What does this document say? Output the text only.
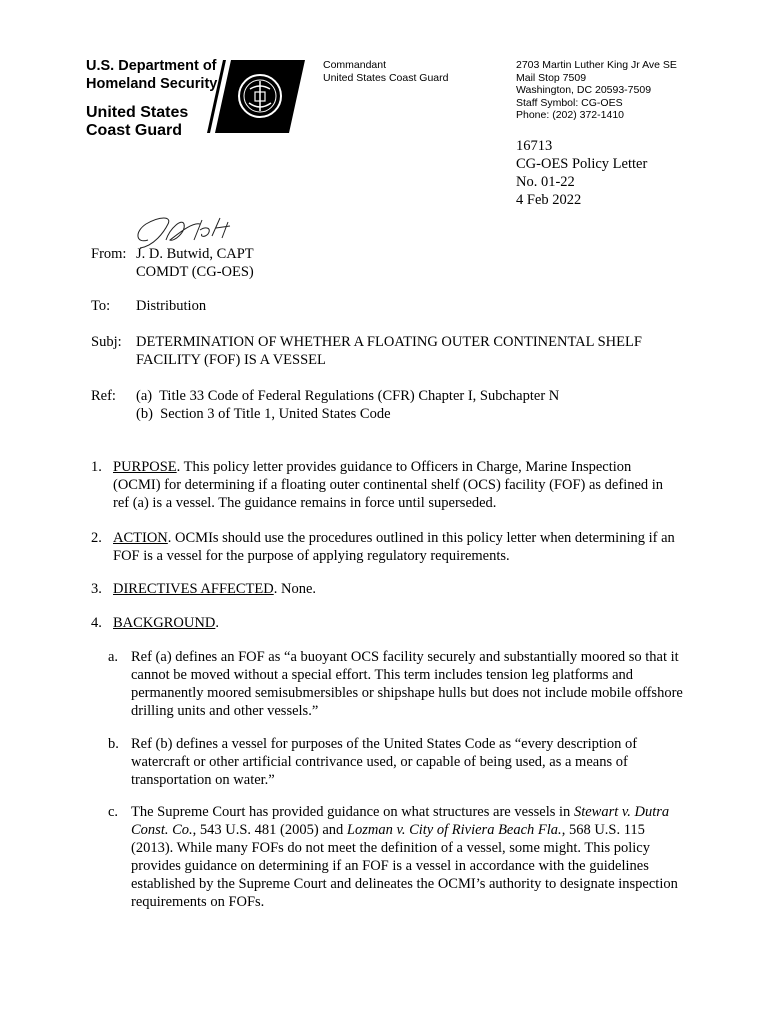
U.S. Department of
Homeland Security
United States
Coast Guard
Commandant
United States Coast Guard
2703 Martin Luther King Jr Ave SE
Mail Stop 7509
Washington, DC 20593-7509
Staff Symbol: CG-OES
Phone: (202) 372-1410
16713
CG-OES Policy Letter
No. 01-22
4 Feb 2022
From: J. D. Butwid, CAPT
COMDT (CG-OES)
To: Distribution
Subj: DETERMINATION OF WHETHER A FLOATING OUTER CONTINENTAL SHELF
FACILITY (FOF) IS A VESSEL
Ref: (a)  Title 33 Code of Federal Regulations (CFR) Chapter I, Subchapter N
(b)  Section 3 of Title 1, United States Code
1. PURPOSE. This policy letter provides guidance to Officers in Charge, Marine Inspection (OCMI) for determining if a floating outer continental shelf (OCS) facility (FOF) as defined in ref (a) is a vessel. The guidance remains in force until superseded.
2. ACTION. OCMIs should use the procedures outlined in this policy letter when determining if an FOF is a vessel for the purpose of applying regulatory requirements.
3. DIRECTIVES AFFECTED. None.
4. BACKGROUND.
a. Ref (a) defines an FOF as “a buoyant OCS facility securely and substantially moored so that it cannot be moved without a special effort. This term includes tension leg platforms and permanently moored semisubmersibles or shipshape hulls but does not include mobile offshore drilling units and other vessels.”
b. Ref (b) defines a vessel for purposes of the United States Code as “every description of watercraft or other artificial contrivance used, or capable of being used, as a means of transportation on water.”
c. The Supreme Court has provided guidance on what structures are vessels in Stewart v. Dutra Const. Co., 543 U.S. 481 (2005) and Lozman v. City of Riviera Beach Fla., 568 U.S. 115 (2013). While many FOFs do not meet the definition of a vessel, some might. This policy provides guidance on determining if an FOF is a vessel in accordance with the guidelines established by the Supreme Court and delineates the OCMI’s authority to designate inspection requirements on FOFs.
